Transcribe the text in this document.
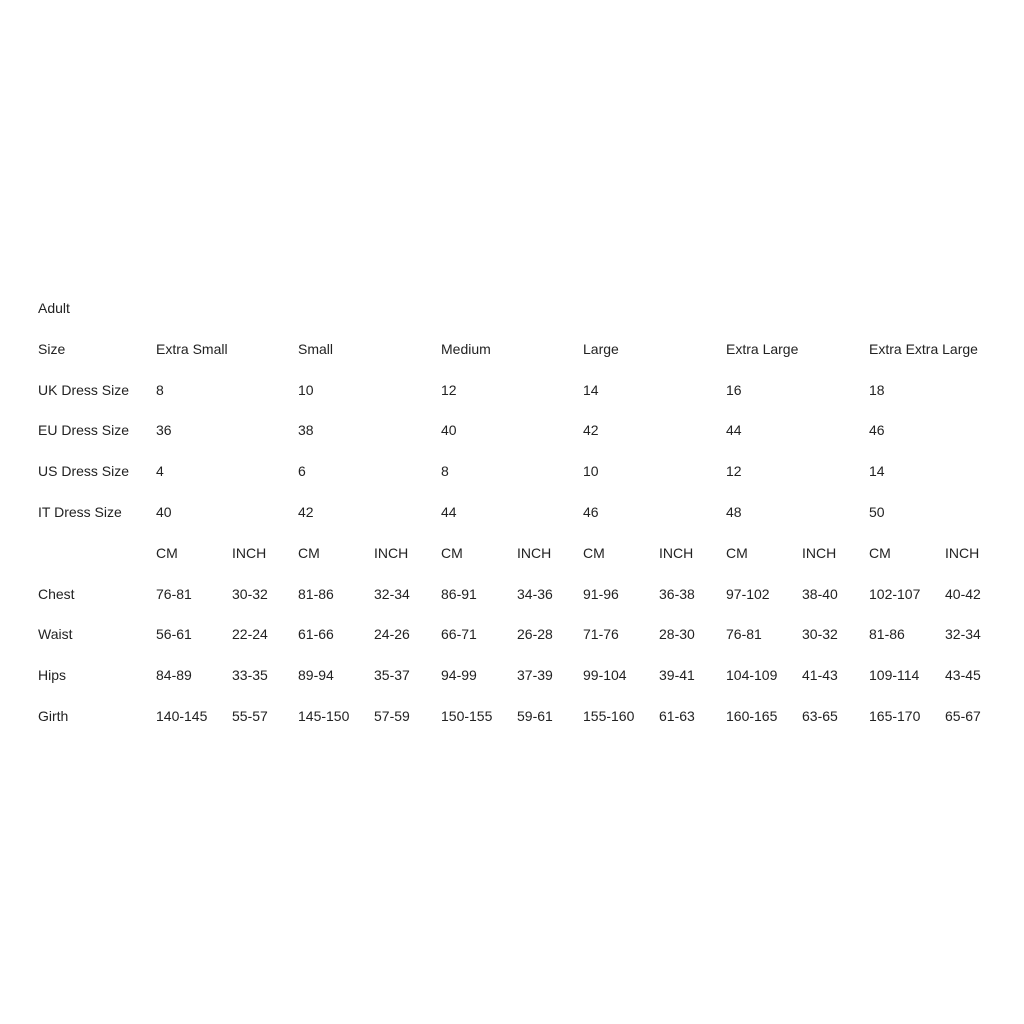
Adult
Size	Extra Small	Small	Medium	Large	Extra Large	Extra Extra Large
UK Dress Size 8	10	12	14	16	18
EU Dress Size 36	38	40	42	44	46
US Dress Size 4	6	8	10	12	14
IT Dress Size 40	42	44	46	48	50
CM	INCH CM	INCH CM	INCH CM	INCH CM	INCH CM	INCH
Chest	76-81	30-32 81-86	32-34 86-91	34-36 91-96	36-38 97-102 38-40 102-107 40-42
Waist	56-61	22-24 61-66	24-26 66-71	26-28 71-76	28-30 76-81	30-32 81-86	32-34
Hips	84-89	33-35 89-94	35-37 94-99	37-39 99-104 39-41 104-109 41-43 109-114 43-45
Girth	140-145 55-57 145-150 57-59 150-155 59-61 155-160 61-63 160-165 63-65 165-170 65-67
